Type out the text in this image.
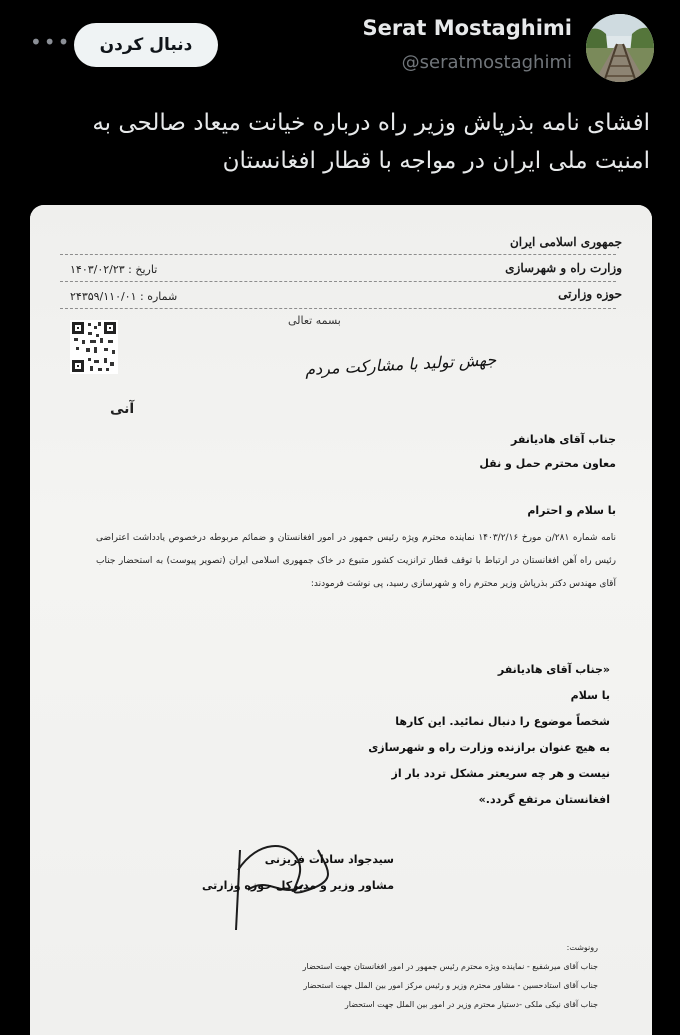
•••	دنبال کردن
Serat Mostaghimi
@seratmostaghimi
افشای نامه بذرپاش وزیر راه درباره خیانت میعاد صالحی به
امنیت ملی ایران در مواجه با قطار افغانستان
جمهوری اسلامی ایران
وزارت راه و شهرسازی
تاریخ : ۱۴۰۳/۰۲/۲۳
حوزه وزارتی
شماره : ۲۴۳۵۹/۱۱۰/۰۱
بسمه تعالی
جهش تولید با مشارکت مردم
آنی
جناب آقای هادیانفر
معاون محترم حمل و نقل
با سلام و احترام
نامه شماره ۲۸۱/ن مورخ ۱۴۰۳/۲/۱۶ نماینده محترم ویژه رئیس جمهور در امور افغانستان و ضمائم مربوطه درخصوص یادداشت اعتراضی رئیس راه آهن افغانستان در ارتباط با توقف قطار ترانزیت کشور متبوع در خاک جمهوری اسلامی ایران (تصویر پیوست) به استحضار جناب آقای مهندس دکتر بذرپاش وزیر محترم راه و شهرسازی رسید، پی نوشت فرمودند:
«جناب آقای هادیانفر
با سلام
شخصاً موضوع را دنبال نمائید. این کارها
به هیچ عنوان برازنده وزارت راه و شهرسازی
نیست و هر چه سریعتر مشکل تردد بار از
افغانستان مرتفع گردد.»
سیدجواد سادات فریزنی
مشاور وزیر و مدیرکل حوزه وزارتی
رونوشت:
جناب آقای میرشفیع - نماینده ویژه محترم رئیس جمهور در امور افغانستان جهت استحضار
جناب آقای استادحسین - مشاور محترم وزیر و رئیس مرکز امور بین الملل جهت استحضار
جناب آقای نیکی ملکی -دستیار محترم وزیر در امور بین الملل جهت استحضار
